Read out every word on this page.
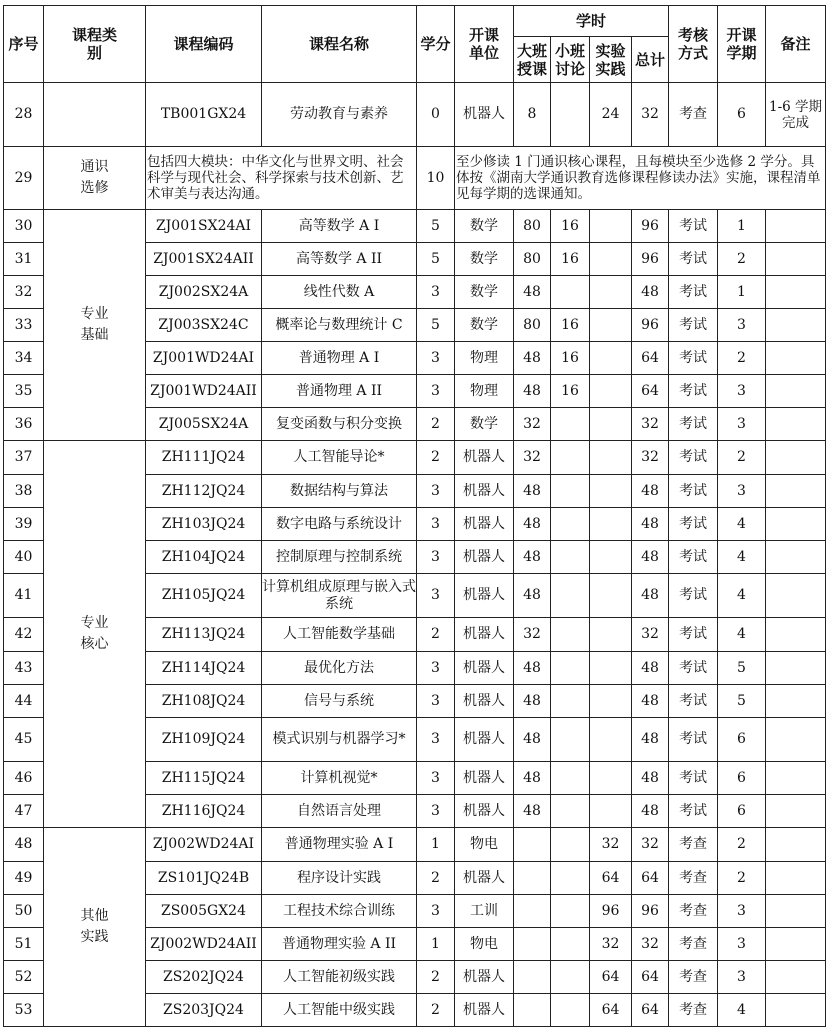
序号	课程类别	课程编码	课程名称	学分	开课单位	学时				考核方式	开课学期	备注
						大班授课	小班讨论	实验实践	总计			
28		TB001GX24	劳动教育与素养	0	机器人	8		24	32	考查	6	1-6 学期完成
29	通识选修	包括四大模块：中华文化与世界文明、社会科学与现代社会、科学探索与技术创新、艺术审美与表达沟通。		10	至少修读 1 门通识核心课程，且每模块至少选修 2 学分。具体按《湖南大学通识教育选修课程修读办法》实施，课程清单见每学期的选课通知。							
30	专业基础	ZJ001SX24AI	高等数学 A I	5	数学	80	16		96	考试	1	
31		ZJ001SX24AII	高等数学 A II	5	数学	80	16		96	考试	2	
32		ZJ002SX24A	线性代数 A	3	数学	48			48	考试	1	
33		ZJ003SX24C	概率论与数理统计 C	5	数学	80	16		96	考试	3	
34		ZJ001WD24AI	普通物理 A I	3	物理	48	16		64	考试	2	
35		ZJ001WD24AII	普通物理 A II	3	物理	48	16		64	考试	3	
36		ZJ005SX24A	复变函数与积分变换	2	数学	32			32	考试	3	
37	专业核心	ZH111JQ24	人工智能导论*	2	机器人	32			32	考试	2	
38		ZH112JQ24	数据结构与算法	3	机器人	48			48	考试	3	
39		ZH103JQ24	数字电路与系统设计	3	机器人	48			48	考试	4	
40		ZH104JQ24	控制原理与控制系统	3	机器人	48			48	考试	4	
41		ZH105JQ24	计算机组成原理与嵌入式系统	3	机器人	48			48	考试	4	
42		ZH113JQ24	人工智能数学基础	2	机器人	32			32	考试	4	
43		ZH114JQ24	最优化方法	3	机器人	48			48	考试	5	
44		ZH108JQ24	信号与系统	3	机器人	48			48	考试	5	
45		ZH109JQ24	模式识别与机器学习*	3	机器人	48			48	考试	6	
46		ZH115JQ24	计算机视觉*	3	机器人	48			48	考试	6	
47		ZH116JQ24	自然语言处理	3	机器人	48			48	考试	6	
48	其他实践	ZJ002WD24AI	普通物理实验 A I	1	物电			32	32	考查	2	
49		ZS101JQ24B	程序设计实践	2	机器人			64	64	考查	2	
50		ZS005GX24	工程技术综合训练	3	工训			96	96	考查	3	
51		ZJ002WD24AII	普通物理实验 A II	1	物电			32	32	考查	3	
52		ZS202JQ24	人工智能初级实践	2	机器人			64	64	考查	3	
53		ZS203JQ24	人工智能中级实践	2	机器人			64	64	考查	4	
